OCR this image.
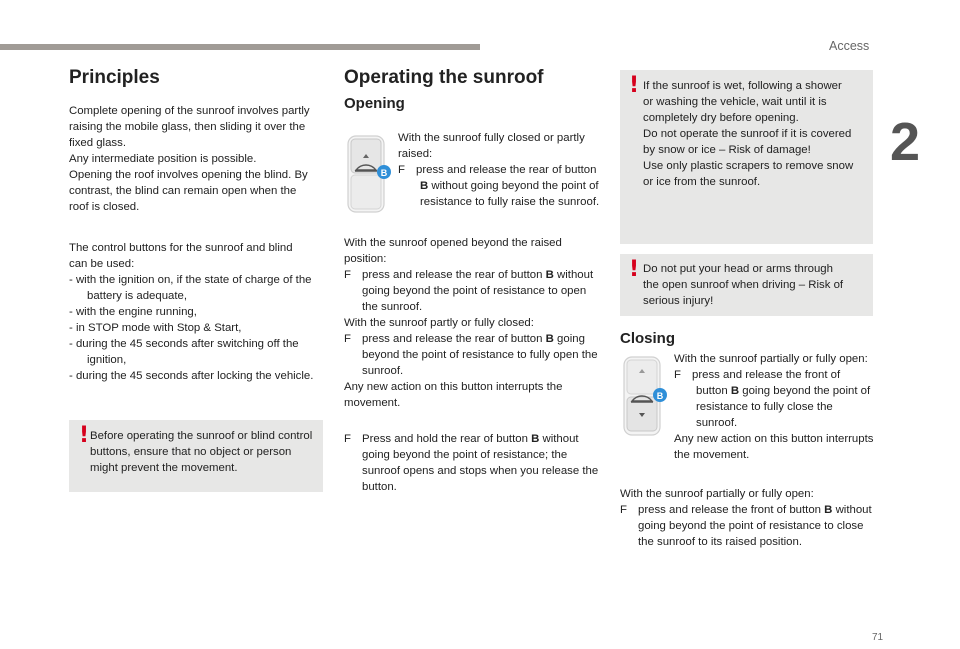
Access
2
71
Principles

Complete opening of the sunroof involves partly

raising the mobile glass, then sliding it over the

fixed glass.

Any intermediate position is possible.

Opening the roof involves opening the blind. By

contrast, the blind can remain open when the

roof is closed.

The control buttons for the sunroof and blind

can be used:

- with the ignition on, if the state of charge of the battery is adequate,

- with the engine running,

- in STOP mode with Stop & Start,

- during the 45 seconds after switching off the ignition,

- during the 45 seconds after locking the vehicle.

! Before operating the sunroof or blind control buttons, ensure that no object or person might prevent the movement.

Operating the sunroof
Opening
B

With the sunroof fully closed or partly raised:

F press and release the rear of button B without going beyond the point of resistance to fully raise the sunroof.

With the sunroof opened beyond the raised position:

F press and release the rear of button B without going beyond the point of resistance to open the sunroof.

With the sunroof partly or fully closed:

F press and release the rear of button B going beyond the point of resistance to fully open the sunroof.

Any new action on this button interrupts the movement.

F Press and hold the rear of button B without going beyond the point of resistance; the sunroof opens and stops when you release the button.

! If the sunroof is wet, following a shower

or washing the vehicle, wait until it is

completely dry before opening.

Do not operate the sunroof if it is covered

by snow or ice – Risk of damage!

Use only plastic scrapers to remove snow

or ice from the sunroof.

! Do not put your head or arms through

the open sunroof when driving – Risk of

serious injury!

Closing
B

With the sunroof partially or fully open:

F press and release the front of button B going beyond the point of resistance to fully close the sunroof.

Any new action on this button interrupts the movement.

With the sunroof partially or fully open:

F press and release the front of button B without going beyond the point of resistance to close the sunroof to its raised position.
